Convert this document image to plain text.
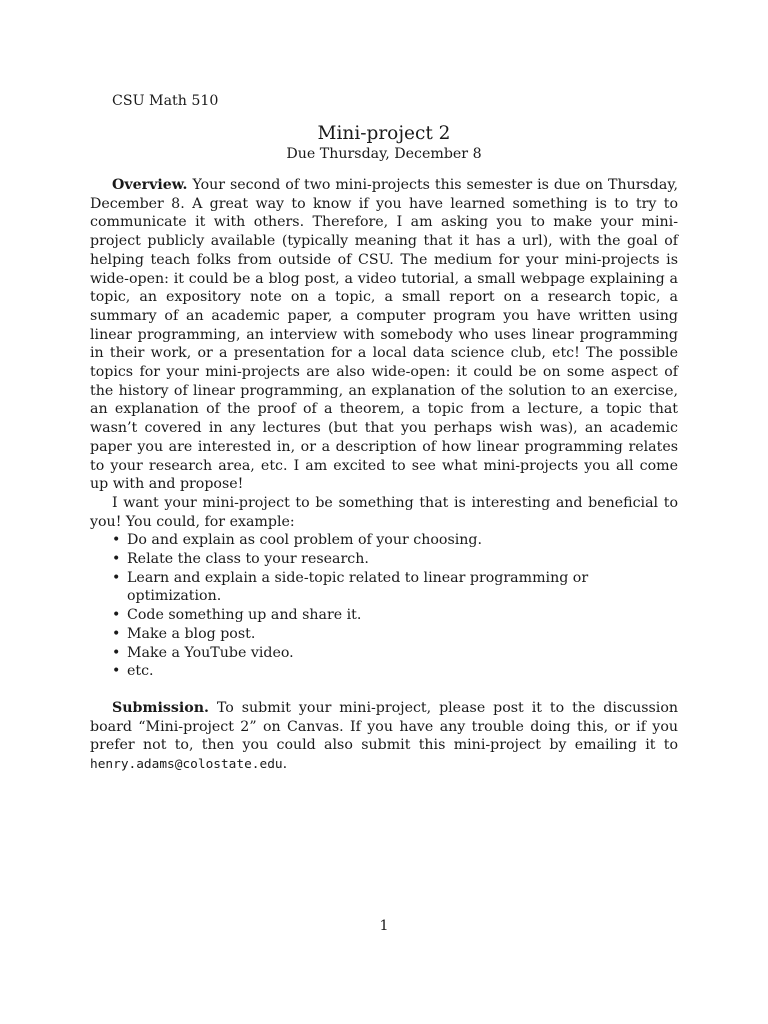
CSU Math 510

Mini-project 2

Due Thursday, December 8

Overview. Your second of two mini-projects this semester is due on Thursday, December 8. A great way to know if you have learned something is to try to communicate it with others. Therefore, I am asking you to make your mini-project publicly available (typically meaning that it has a url), with the goal of helping teach folks from outside of CSU. The medium for your mini-projects is wide-open: it could be a blog post, a video tutorial, a small webpage explaining a topic, an expository note on a topic, a small report on a research topic, a summary of an academic paper, a computer program you have written using linear programming, an interview with somebody who uses linear programming in their work, or a presentation for a local data science club, etc! The possible topics for your mini-projects are also wide-open: it could be on some aspect of the history of linear programming, an explanation of the solution to an exercise, an explanation of the proof of a theorem, a topic from a lecture, a topic that wasn’t covered in any lectures (but that you perhaps wish was), an academic paper you are interested in, or a description of how linear programming relates to your research area, etc. I am excited to see what mini-projects you all come up with and propose!

I want your mini-project to be something that is interesting and beneficial to you! You could, for example:

• Do and explain as cool problem of your choosing.
• Relate the class to your research.
• Learn and explain a side-topic related to linear programming or optimization.
• Code something up and share it.
• Make a blog post.
• Make a YouTube video.
• etc.

Submission. To submit your mini-project, please post it to the discussion board “Mini-project 2” on Canvas. If you have any trouble doing this, or if you prefer not to, then you could also submit this mini-project by emailing it to henry.adams@colostate.edu.

1
